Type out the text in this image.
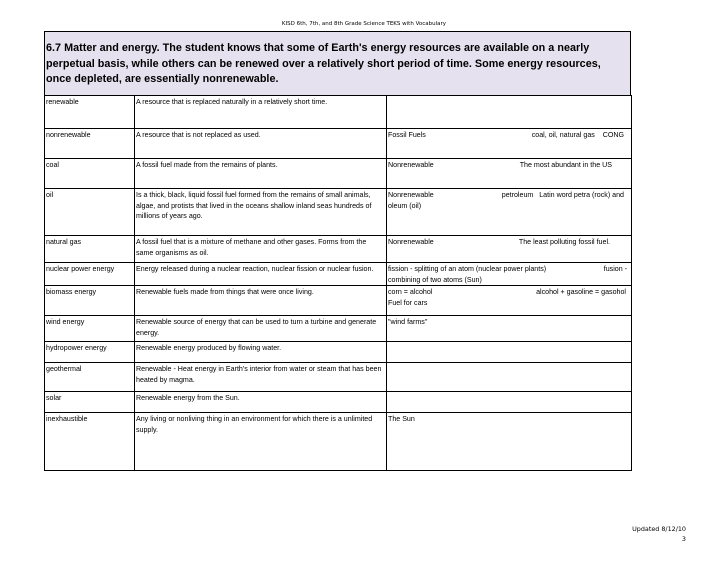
KISD 6th, 7th, and 8th Grade Science TEKS with Vocabulary
6.7 Matter and energy. The student knows that some of Earth's energy resources are available on a nearly perpetual basis, while others can be renewed over a relatively short period of time. Some energy resources, once depleted, are essentially nonrenewable.
renewable	A resource that is replaced naturally in a relatively short time.	
nonrenewable	A resource that is not replaced as used.	Fossil Fuels coal, oil, natural gas    CONG

coal	A fossil fuel made from the remains of plants.	Nonrenewable The most abundant in the US

oil	Is a thick, black, liquid fossil fuel formed from the remains of small animals, algae, and protists that lived in the oceans shallow inland seas hundreds of millions of years ago.	Nonrenewable petroleum   Latin word petra (rock) and
oleum (oil)

natural gas	A fossil fuel that is a mixture of methane and other gases. Forms from the same organisms as oil.	Nonrenewable The least polluting fossil fuel.

nuclear power energy	Energy released during a nuclear reaction, nuclear fission or nuclear fusion.	fission - splitting of an atom (nuclear power plants) fusion -
combining of two atoms (Sun)

biomass energy	Renewable fuels made from things that were once living.	corn = alcohol alcohol + gasoline = gasohol
Fuel for cars

wind energy	Renewable source of energy that can be used to turn a turbine and generate energy.	"wind farms"
hydropower energy	Renewable energy produced by flowing water.	
geothermal	Renewable - Heat energy in Earth's interior from water or steam that has been heated by magma.	
solar	Renewable energy from the Sun.	
inexhaustible	Any living or nonliving thing in an environment for which there is a unlimited supply.	The Sun
Updated 8/12/10
3
